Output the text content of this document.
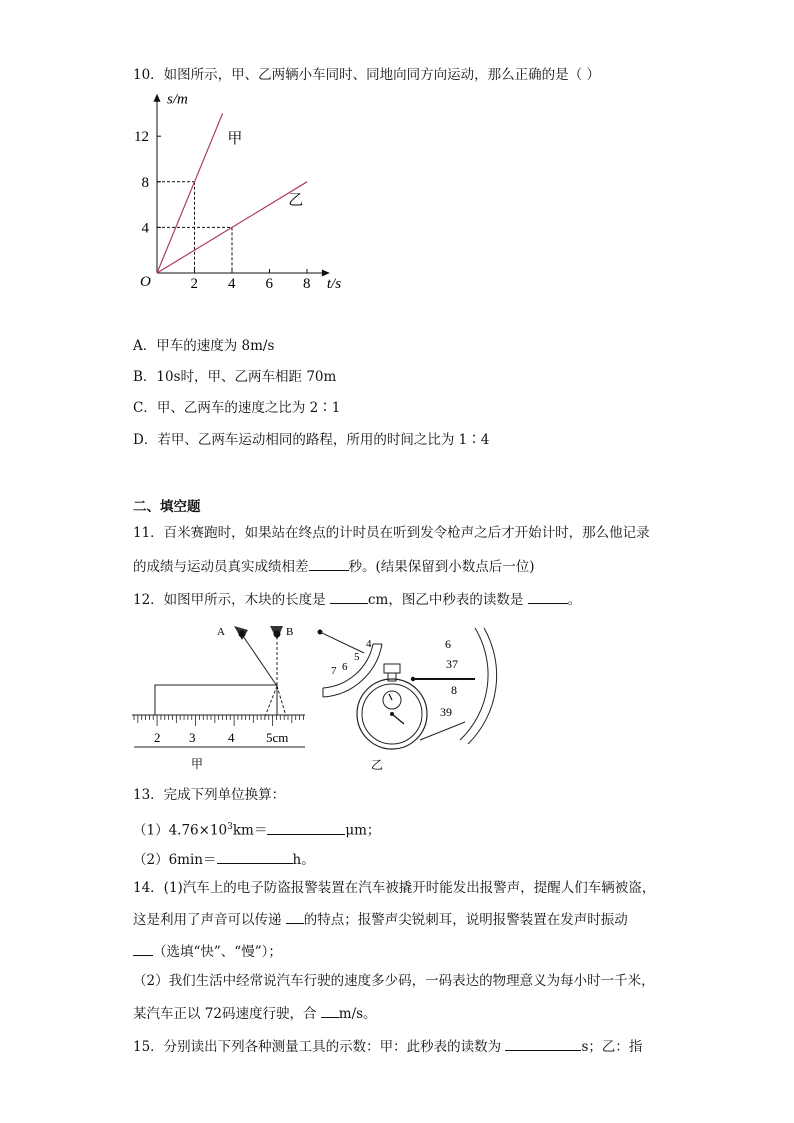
10．如图所示，甲、乙两辆小车同时、同地向同方向运动，那么正确的是（ ）
s/m
t/s
O	2 4 6 8
4
8
12	甲
乙
A．甲车的速度为 8m/s
B．10s时，甲、乙两车相距 70m
C．甲、乙两车的速度之比为 2∶1
D．若甲、乙两车运动相同的路程，所用的时间之比为 1∶4
二、填空题
11．百米赛跑时，如果站在终点的计时员在听到发令枪声之后才开始计时，那么他记录
的成绩与运动员真实成绩相差	秒。(结果保留到小数点后一位)
12．如图甲所示，木块的长度是	cm，图乙中秒表的读数是	。
2 3	4 5cm
A	B
甲
4
5
6
7
6
37
8
39
乙
13．完成下列单位换算：
$(1)4.76\times 10^3km=$	μm；
（2）6min＝	h。
14．(1)汽车上的电子防盗报警装置在汽车被撬开时能发出报警声，提醒人们车辆被盗，
这是利用了声音可以传递 的特点；报警声尖锐刺耳，说明报警装置在发声时振动
（选填“快”、“慢”）；
（2）我们生活中经常说汽车行驶的速度多少码，一码表达的物理意义为每小时一千米，
某汽车正以 72码速度行驶，合 m/s。
15．分别读出下列各种测量工具的示数：甲：此秒表的读数为	s；乙：指
